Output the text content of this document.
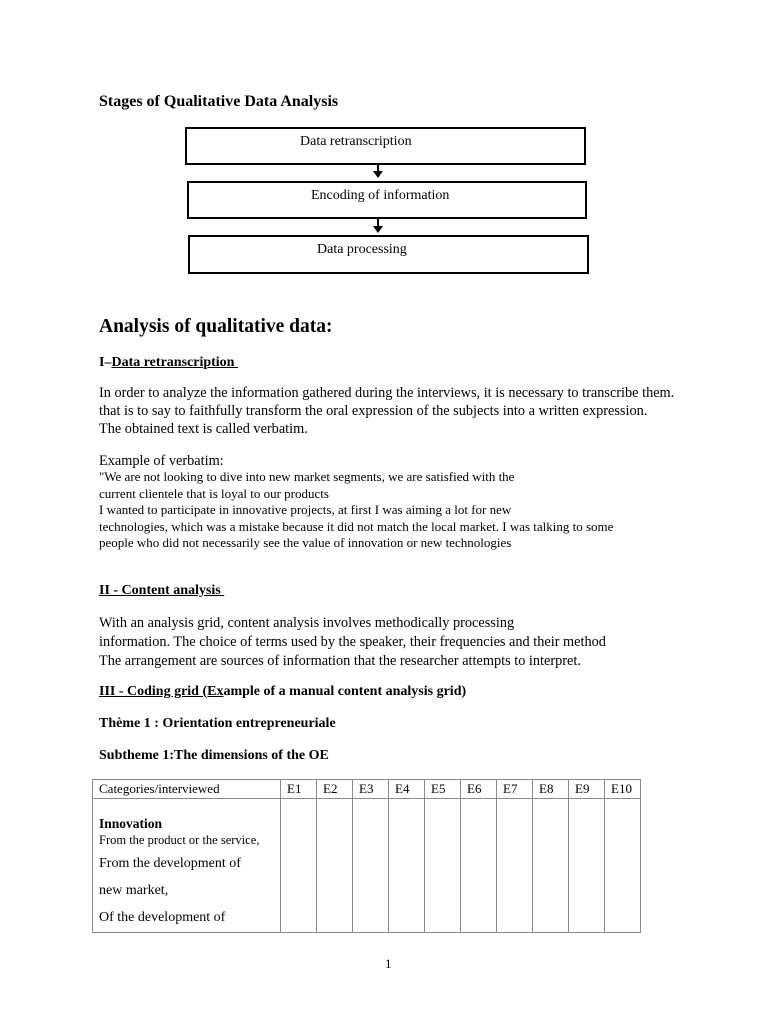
Stages of Qualitative Data Analysis
Data retranscription
Encoding of information
Data processing
Analysis of qualitative data:
I–Data retranscription
In order to analyze the information gathered during the interviews, it is necessary to transcribe them.
that is to say to faithfully transform the oral expression of the subjects into a written expression.
The obtained text is called verbatim.
Example of verbatim:
"We are not looking to dive into new market segments, we are satisfied with the
current clientele that is loyal to our products
I wanted to participate in innovative projects, at first I was aiming a lot for new
technologies, which was a mistake because it did not match the local market. I was talking to some
people who did not necessarily see the value of innovation or new technologies
II - Content analysis
With an analysis grid, content analysis involves methodically processing
information. The choice of terms used by the speaker, their frequencies and their method
The arrangement are sources of information that the researcher attempts to interpret.
III - Coding grid (Example of a manual content analysis grid)
Thème 1 : Orientation entrepreneuriale
Subtheme 1:The dimensions of the OE
Categories/interviewed	E1	E2	E3	E4	E5	E6	E7	E8	E9	E10

Innovation
From the product or the service,
From the development of
new market,
Of the development of										

1
